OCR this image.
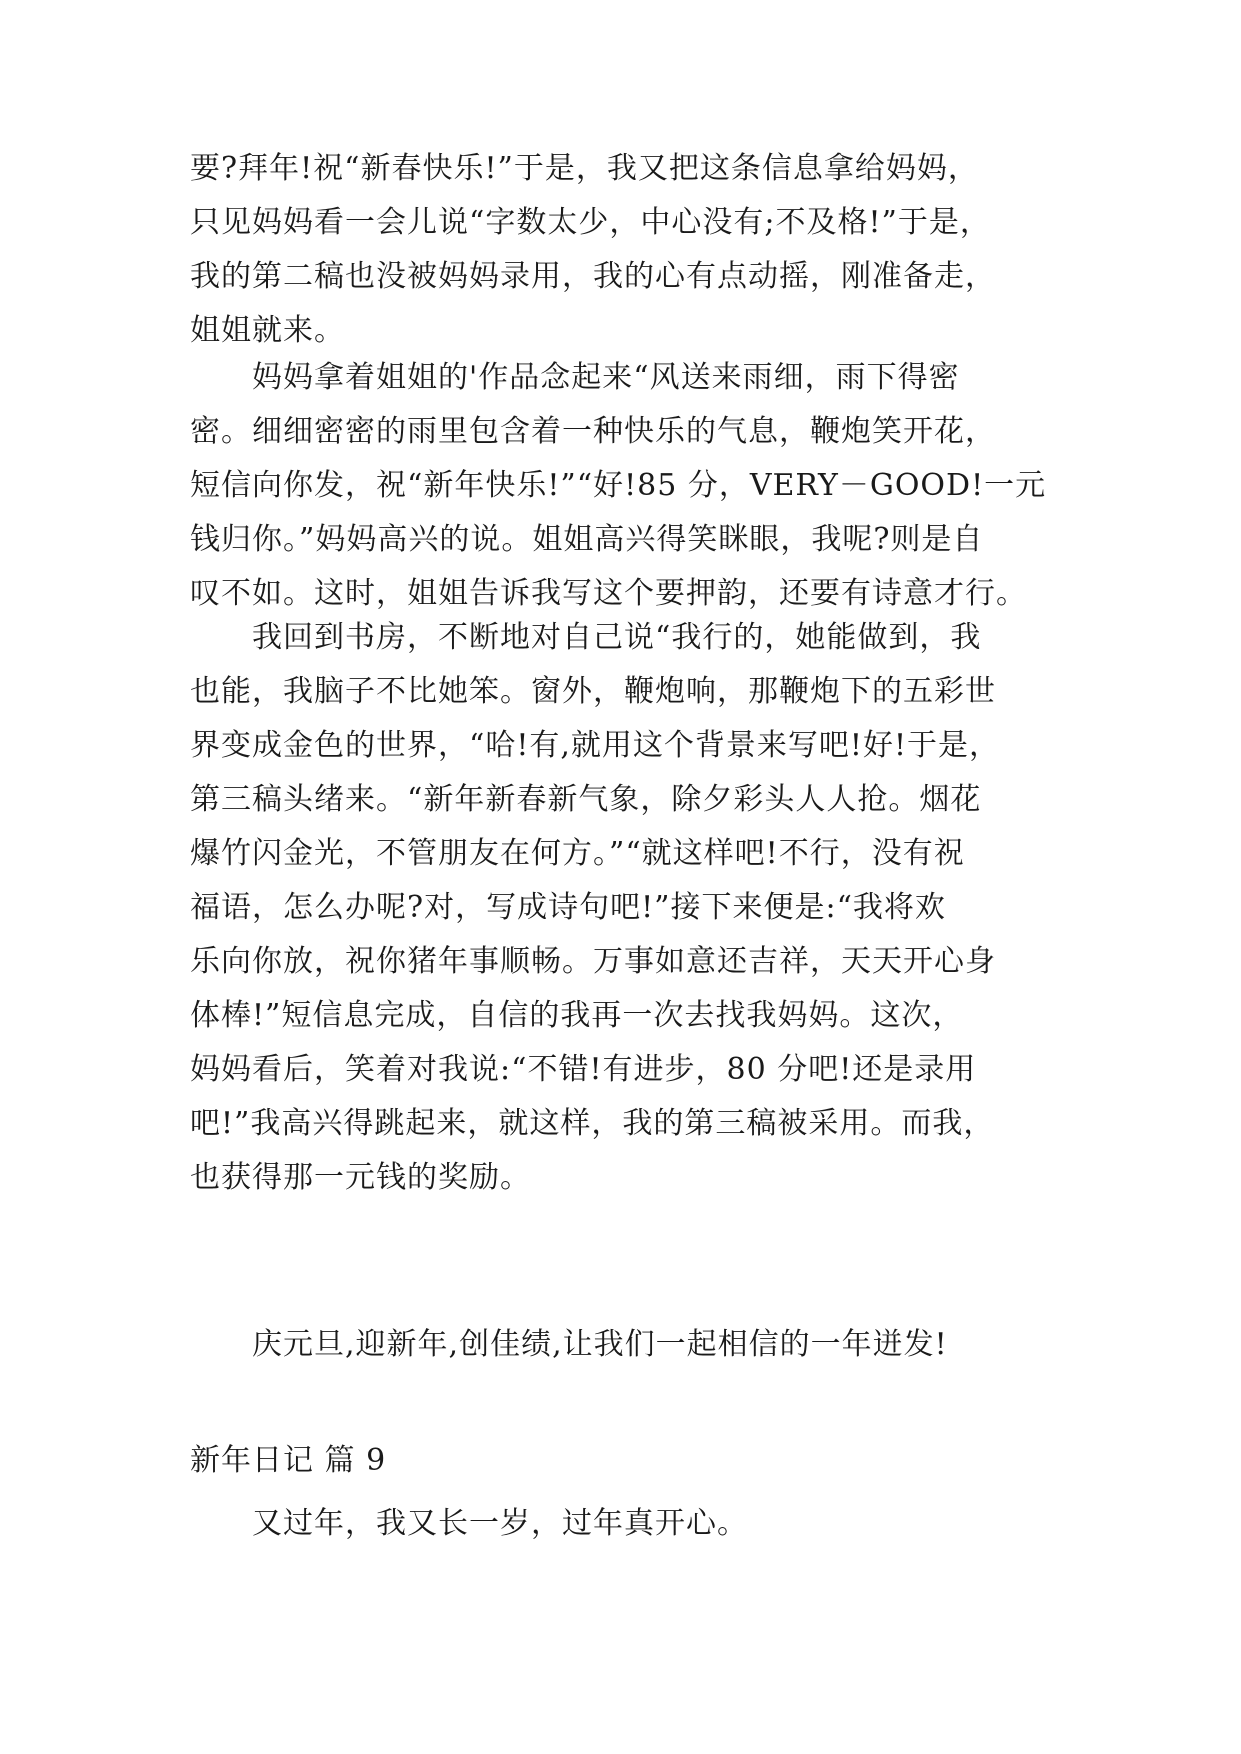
要?拜年!祝“新春快乐!”于是，我又把这条信息拿给妈妈，
只见妈妈看一会儿说“字数太少，中心没有;不及格!”于是，
我的第二稿也没被妈妈录用，我的心有点动摇，刚准备走，
姐姐就来。
　　妈妈拿着姐姐的'作品念起来“风送来雨细，雨下得密
密。细细密密的雨里包含着一种快乐的气息，鞭炮笑开花，
短信向你发，祝“新年快乐!”“好!85 分，VERY－GOOD!一元
钱归你。”妈妈高兴的说。姐姐高兴得笑眯眼，我呢?则是自
叹不如。这时，姐姐告诉我写这个要押韵，还要有诗意才行。
　　我回到书房，不断地对自己说“我行的，她能做到，我
也能，我脑子不比她笨。窗外，鞭炮响，那鞭炮下的五彩世
界变成金色的世界，“哈!有,就用这个背景来写吧!好!于是，
第三稿头绪来。“新年新春新气象，除夕彩头人人抢。烟花
爆竹闪金光，不管朋友在何方。”“就这样吧!不行，没有祝
福语，怎么办呢?对，写成诗句吧!”接下来便是:“我将欢
乐向你放，祝你猪年事顺畅。万事如意还吉祥，天天开心身
体棒!”短信息完成，自信的我再一次去找我妈妈。这次，
妈妈看后，笑着对我说:“不错!有进步，80 分吧!还是录用
吧!”我高兴得跳起来，就这样，我的第三稿被采用。而我，
也获得那一元钱的奖励。
　　庆元旦,迎新年,创佳绩,让我们一起相信的一年迸发!
新年日记 篇 9
　　又过年，我又长一岁，过年真开心。
